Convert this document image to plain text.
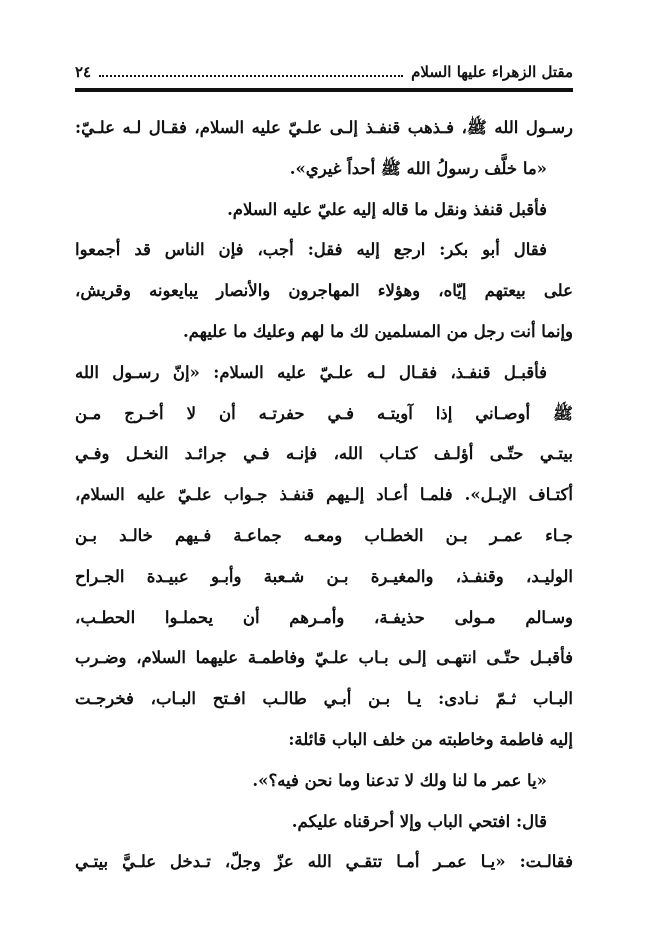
مقتل الزهراء عليها السلام
٢٤
رسـول الله ﷺ، فـذهب قنفـذ إلـى علـيّ عليه السلام، فقـال لـه علـيّ:
«ما خلَّف رسولُ الله ﷺ أحداً غيري».
فأقبل قنفذ ونقل ما قاله إليه عليّ عليه السلام.
فقال أبو بكر: ارجع إليه فقل: أجب، فإن الناس قد أجمعوا
على بيعتهم إيّاه، وهؤلاء المهاجرون والأنصار يبايعونه وقريش،
وإنما أنت رجل من المسلمين لك ما لهم وعليك ما عليهم.
فأقبـل قنفـذ، فقـال لـه علـيّ عليه السلام: «إنّ رسـول الله
ﷺ أوصـاني إذا آويتـه فـي حفرتـه أن لا أخـرج مـن
بيتـي حتّـى أؤلـف كتـاب الله، فإنـه فـي جرائـد النخـل وفـي
أكتـاف الإبـل». فلمـا أعـاد إلـيهم قنفـذ جـواب علـيّ عليه السلام،
جـاء عمـر بـن الخطـاب ومعـه جماعـة فـيهم خالـد بـن
الوليـد، وقنفـذ، والمغيـرة بـن شـعبة وأبـو عبيـدة الجـراح
وسـالم مـولى حذيفـة، وأمـرهم أن يحملـوا الحطـب،
فأقبـل حتّـى انتهـى إلـى بـاب علـيّ وفاطمـة عليهما السلام، وضـرب
البـاب ثـمّ نـادى: يـا بـن أبـي طالـب افـتح البـاب، فخرجـت
إليه فاطمة وخاطبته من خلف الباب قائلة:
«يا عمر ما لنا ولك لا تدعنا وما نحن فيه؟».
قال: افتحي الباب وإلا أحرقناه عليكم.
فقالـت: «يـا عمـر أمـا تتقـي الله عزّ وجلّ، تـدخل علـيَّ بيتـي
